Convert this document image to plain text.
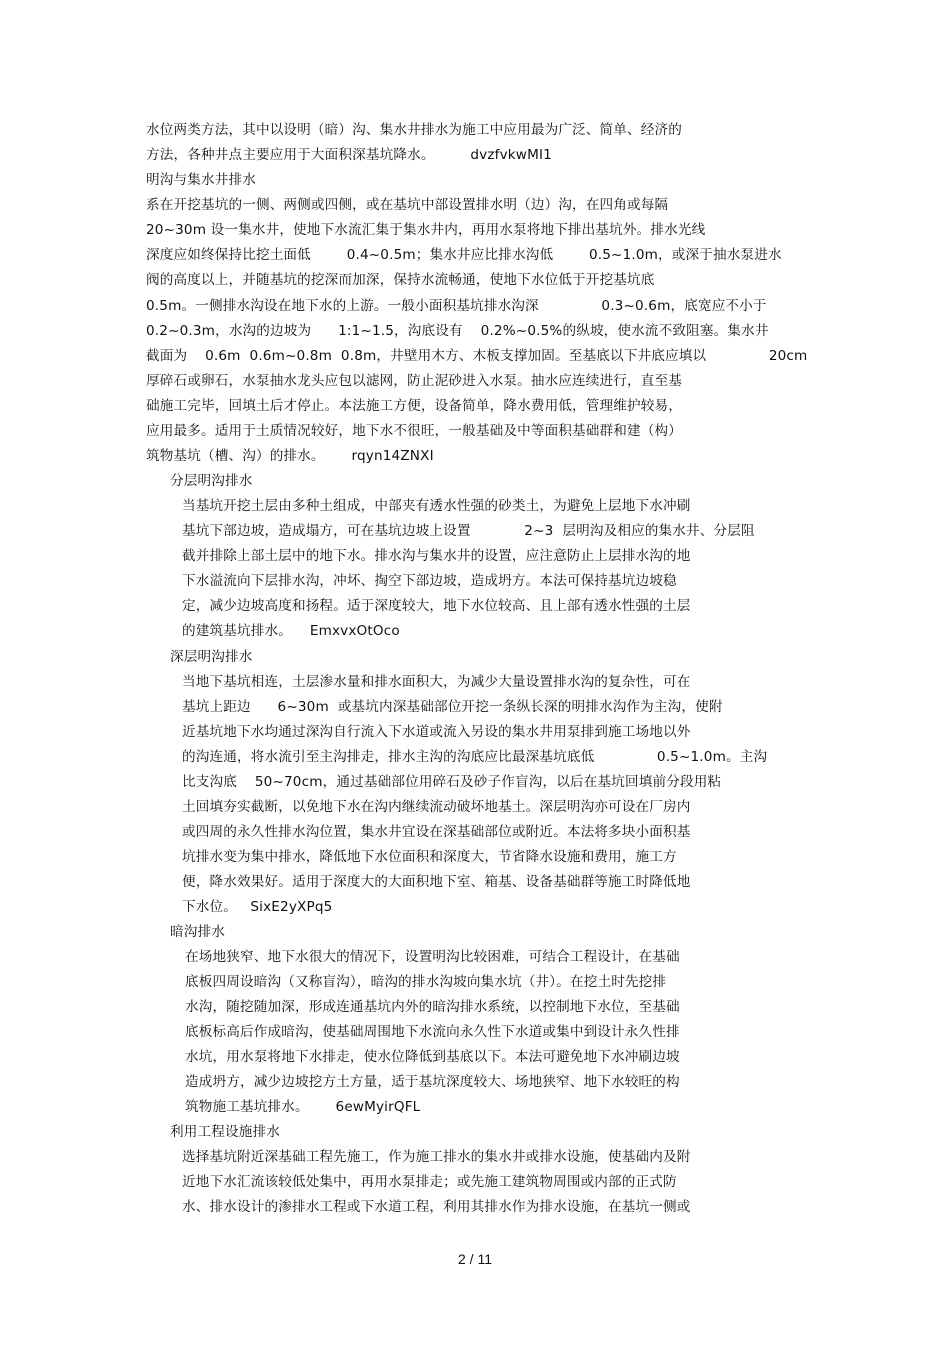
水位两类方法，其中以设明（暗）沟、集水井排水为施工中应用最为广泛、简单、经济的
方法，各种井点主要应用于大面积深基坑降水。        dvzfvkwMI1
明沟与集水井排水
系在开挖基坑的一侧、两侧或四侧，或在基坑中部设置排水明（边）沟，在四角或每隔
20~30m 设一集水井，使地下水流汇集于集水井内，再用水泵将地下排出基坑外。排水光线
深度应如终保持比挖土面低        0.4~0.5m；集水井应比排水沟低        0.5~1.0m，或深于抽水泵进水
阀的高度以上，并随基坑的挖深而加深，保持水流畅通，使地下水位低于开挖基坑底
0.5m。一侧排水沟设在地下水的上游。一般小面积基坑排水沟深              0.3~0.6m，底宽应不小于
0.2~0.3m，水沟的边坡为      1:1~1.5，沟底设有    0.2%~0.5%的纵坡，使水流不致阻塞。集水井
截面为    0.6m  0.6m~0.8m  0.8m，井壁用木方、木板支撑加固。至基底以下井底应填以              20cm
厚碎石或卵石，水泵抽水龙头应包以滤网，防止泥砂进入水泵。抽水应连续进行，直至基
础施工完毕，回填土后才停止。本法施工方便，设备简单，降水费用低，管理维护较易，
应用最多。适用于土质情况较好，地下水不很旺，一般基础及中等面积基础群和建（构）
筑物基坑（槽、沟）的排水。      rqyn14ZNXI
分层明沟排水
当基坑开挖土层由多种土组成，中部夹有透水性强的砂类土，为避免上层地下水冲刷
基坑下部边坡，造成塌方，可在基坑边坡上设置            2~3  层明沟及相应的集水井、分层阻
截并排除上部土层中的地下水。排水沟与集水井的设置，应注意防止上层排水沟的地
下水溢流向下层排水沟，冲坏、掏空下部边坡，造成坍方。本法可保持基坑边坡稳
定，减少边坡高度和扬程。适于深度较大，地下水位较高、且上部有透水性强的土层
的建筑基坑排水。    EmxvxOtOco
深层明沟排水
当地下基坑相连，土层渗水量和排水面积大，为减少大量设置排水沟的复杂性，可在
基坑上距边      6~30m  或基坑内深基础部位开挖一条纵长深的明排水沟作为主沟，使附
近基坑地下水均通过深沟自行流入下水道或流入另设的集水井用泵排到施工场地以外
的沟连通，将水流引至主沟排走，排水主沟的沟底应比最深基坑底低              0.5~1.0m。主沟
比支沟底    50~70cm，通过基础部位用碎石及砂子作盲沟，以后在基坑回填前分段用粘
土回填夯实截断，以免地下水在沟内继续流动破坏地基土。深层明沟亦可设在厂房内
或四周的永久性排水沟位置，集水井宜设在深基础部位或附近。本法将多块小面积基
坑排水变为集中排水，降低地下水位面积和深度大，节省降水设施和费用，施工方
便，降水效果好。适用于深度大的大面积地下室、箱基、设备基础群等施工时降低地
下水位。   SixE2yXPq5
暗沟排水
在场地狭窄、地下水很大的情况下，设置明沟比较困难，可结合工程设计，在基础
底板四周设暗沟（又称盲沟），暗沟的排水沟坡向集水坑（井）。在挖土时先挖排
水沟，随挖随加深，形成连通基坑内外的暗沟排水系统，以控制地下水位，至基础
底板标高后作成暗沟，使基础周围地下水流向永久性下水道或集中到设计永久性排
水坑，用水泵将地下水排走，使水位降低到基底以下。本法可避免地下水冲刷边坡
造成坍方，减少边坡挖方土方量，适于基坑深度较大、场地狭窄、地下水较旺的构
筑物施工基坑排水。      6ewMyirQFL
利用工程设施排水
选择基坑附近深基础工程先施工，作为施工排水的集水井或排水设施，使基础内及附
近地下水汇流该较低处集中，再用水泵排走；或先施工建筑物周围或内部的正式防
水、排水设计的渗排水工程或下水道工程，利用其排水作为排水设施，在基坑一侧或
2 / 11
